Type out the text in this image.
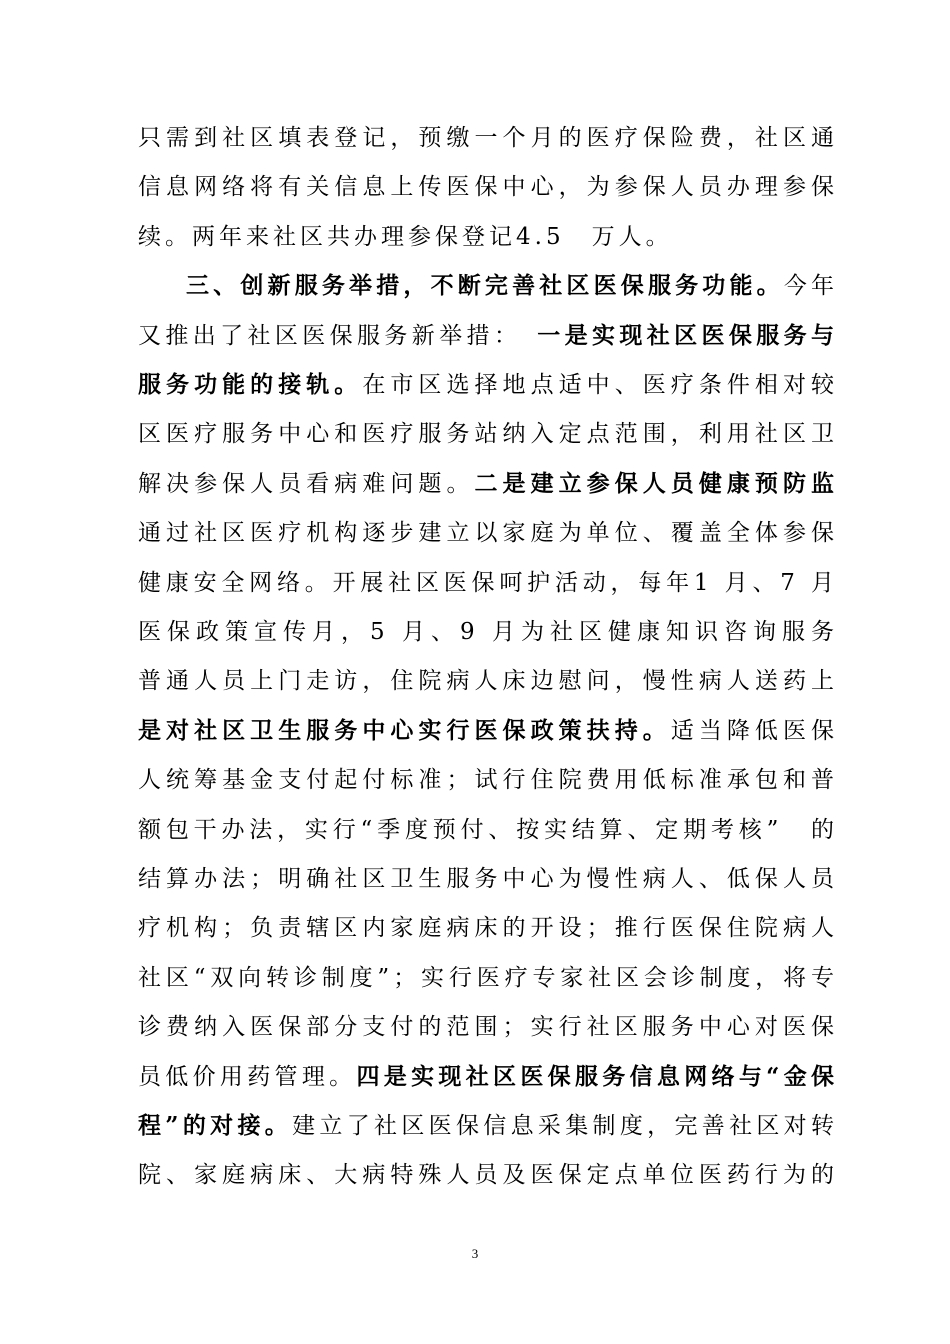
只需到社区填表登记，预缴一个月的医疗保险费，社区通
信息网络将有关信息上传医保中心，为参保人员办理参保
续。两年来社区共办理参保登记4.5　万人。
三、创新服务举措，不断完善社区医保服务功能。今年
又推出了社区医保服务新举措：　一是实现社区医保服务与
服务功能的接轨。在市区选择地点适中、医疗条件相对较
区医疗服务中心和医疗服务站纳入定点范围，利用社区卫
解决参保人员看病难问题。二是建立参保人员健康预防监
通过社区医疗机构逐步建立以家庭为单位、覆盖全体参保
健康安全网络。开展社区医保呵护活动，每年1 月、7 月
医保政策宣传月，5 月、9 月为社区健康知识咨询服务
普通人员上门走访，住院病人床边慰问，慢性病人送药上
是对社区卫生服务中心实行医保政策扶持。适当降低医保
人统筹基金支付起付标准；试行住院费用低标准承包和普
额包干办法，实行“季度预付、按实结算、定期考核”　的
结算办法；明确社区卫生服务中心为慢性病人、低保人员
疗机构；负责辖区内家庭病床的开设；推行医保住院病人
社区“双向转诊制度”；实行医疗专家社区会诊制度，将专
诊费纳入医保部分支付的范围；实行社区服务中心对医保
员低价用药管理。四是实现社区医保服务信息网络与“金保
程”的对接。建立了社区医保信息采集制度，完善社区对转
院、家庭病床、大病特殊人员及医保定点单位医药行为的
3
